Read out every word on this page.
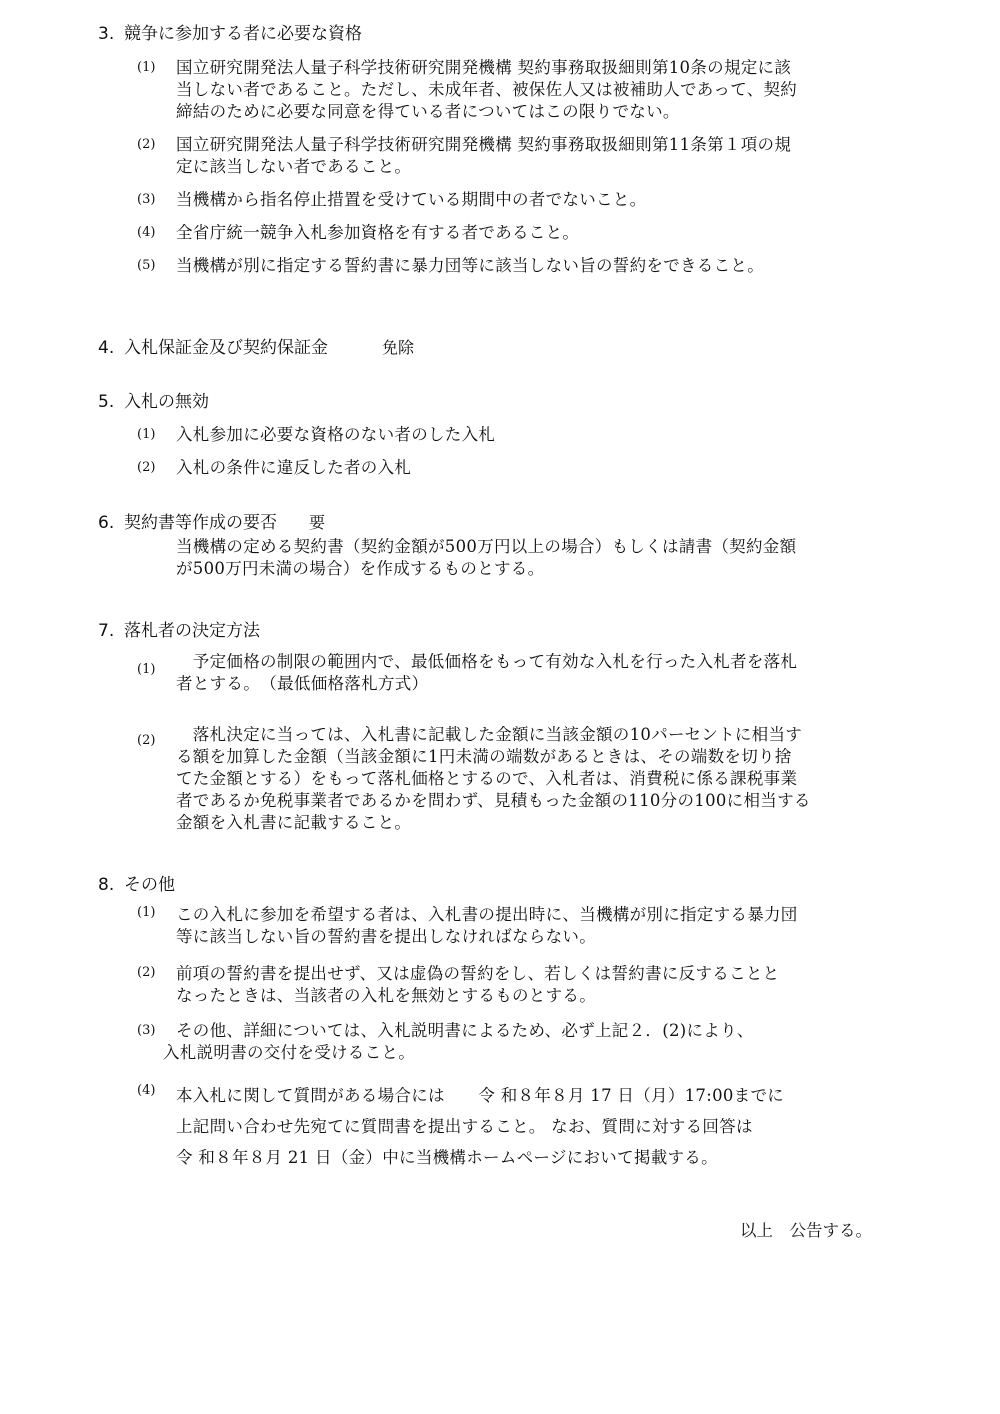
3. 競争に参加する者に必要な資格
(1) 国立研究開発法人量子科学技術研究開発機構 契約事務取扱細則第10条の規定に該
当しない者であること。ただし、未成年者、被保佐人又は被補助人であって、契約
締結のために必要な同意を得ている者についてはこの限りでない。
(2) 国立研究開発法人量子科学技術研究開発機構 契約事務取扱細則第11条第１項の規
定に該当しない者であること。
(3) 当機構から指名停止措置を受けている期間中の者でないこと。
(4) 全省庁統一競争入札参加資格を有する者であること。
(5) 当機構が別に指定する誓約書に暴力団等に該当しない旨の誓約をできること。
4. 入札保証金及び契約保証金	免除
5. 入札の無効
(1) 入札参加に必要な資格のない者のした入札
(2) 入札の条件に違反した者の入札
6. 契約書等作成の要否 要
当機構の定める契約書（契約金額が500万円以上の場合）もしくは請書（契約金額
が500万円未満の場合）を作成するものとする。
7. 落札者の決定方法
(1) 　予定価格の制限の範囲内で、最低価格をもって有効な入札を行った入札者を落札
者とする。　（最低価格落札方式）
(2) 　落札決定に当っては、入札書に記載した金額に当該金額の10パーセントに相当す
る額を加算した金額（当該金額に1円未満の端数があるときは、その端数を切り捨
てた金額とする）をもって落札価格とするので、入札者は、消費税に係る課税事業
者であるか免税事業者であるかを問わず、見積もった金額の110分の100に相当する
金額を入札書に記載すること。
8. その他
(1) この入札に参加を希望する者は、入札書の提出時に、当機構が別に指定する暴力団
等に該当しない旨の誓約書を提出しなければならない。
(2) 前項の誓約書を提出せず、又は虚偽の誓約をし、若しくは誓約書に反することと
なったときは、当該者の入札を無効とするものとする。
(3) その他、詳細については、入札説明書によるため、必ず上記２．(2)により、
入札説明書の交付を受けること。
(4) 本入札に関して質問がある場合には　　令 和８年８月 17 日（月）17:00までに
上記問い合わせ先宛てに質問書を提出すること。 なお、質問に対する回答は
令 和８年８月 21 日（金）中に当機構ホームページにおいて掲載する。
以上　公告する。
